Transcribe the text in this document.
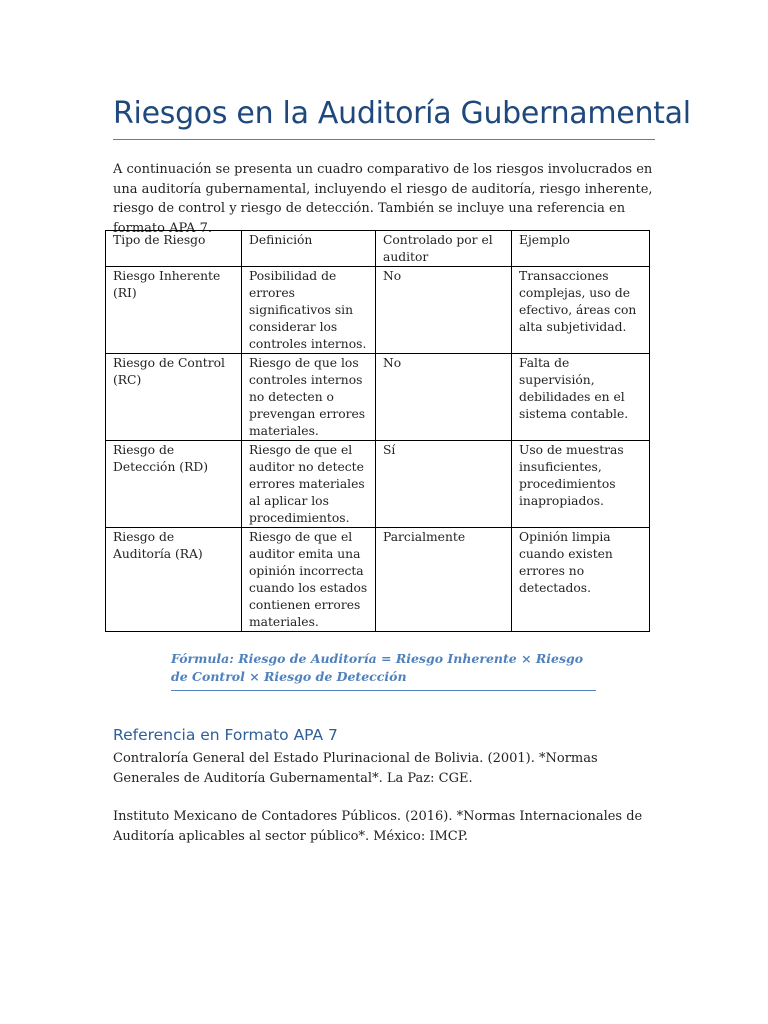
Riesgos en la Auditoría Gubernamental

A continuación se presenta un cuadro comparativo de los riesgos involucrados en una auditoría gubernamental, incluyendo el riesgo de auditoría, riesgo inherente, riesgo de control y riesgo de detección. También se incluye una referencia en formato APA 7.

Tipo de Riesgo	Definición	Controlado por el auditor	Ejemplo
Riesgo Inherente (RI)	Posibilidad de errores significativos sin considerar los controles internos.	No	Transacciones complejas, uso de efectivo, áreas con alta subjetividad.
Riesgo de Control (RC)	Riesgo de que los controles internos no detecten o prevengan errores materiales.	No	Falta de supervisión, debilidades en el sistema contable.
Riesgo de Detección (RD)	Riesgo de que el auditor no detecte errores materiales al aplicar los procedimientos.	Sí	Uso de muestras insuficientes, procedimientos inapropiados.
Riesgo de Auditoría (RA)	Riesgo de que el auditor emita una opinión incorrecta cuando los estados contienen errores materiales.	Parcialmente	Opinión limpia cuando existen errores no detectados.
Fórmula: Riesgo de Auditoría = Riesgo Inherente × Riesgo de Control × Riesgo de Detección
Referencia en Formato APA 7

Contraloría General del Estado Plurinacional de Bolivia. (2001). *Normas Generales de Auditoría Gubernamental*. La Paz: CGE.

Instituto Mexicano de Contadores Públicos. (2016). *Normas Internacionales de Auditoría aplicables al sector público*. México: IMCP.
